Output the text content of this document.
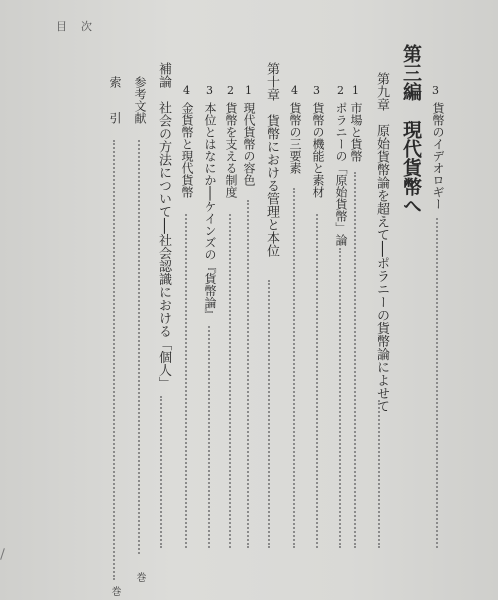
目 次
3
貨幣のイデオロギー
第三編　現代貨幣へ
第九章　原始貨幣論を超えて──ポラニーの貨幣論によせて
1
市場と貨幣
2
ポラニーの「原始貨幣」論
3
貨幣の機能と素材
4
貨幣の三要素
第十章　貨幣における管理と本位
1
現代貨幣の容色
2
貨幣を支える制度
3
本位とはなにか──ケインズの『貨幣論』
4
金貨幣と現代貨幣
補論　社会の方法について──社会認識における「個人」
参考文献
巻
索　引
巻
